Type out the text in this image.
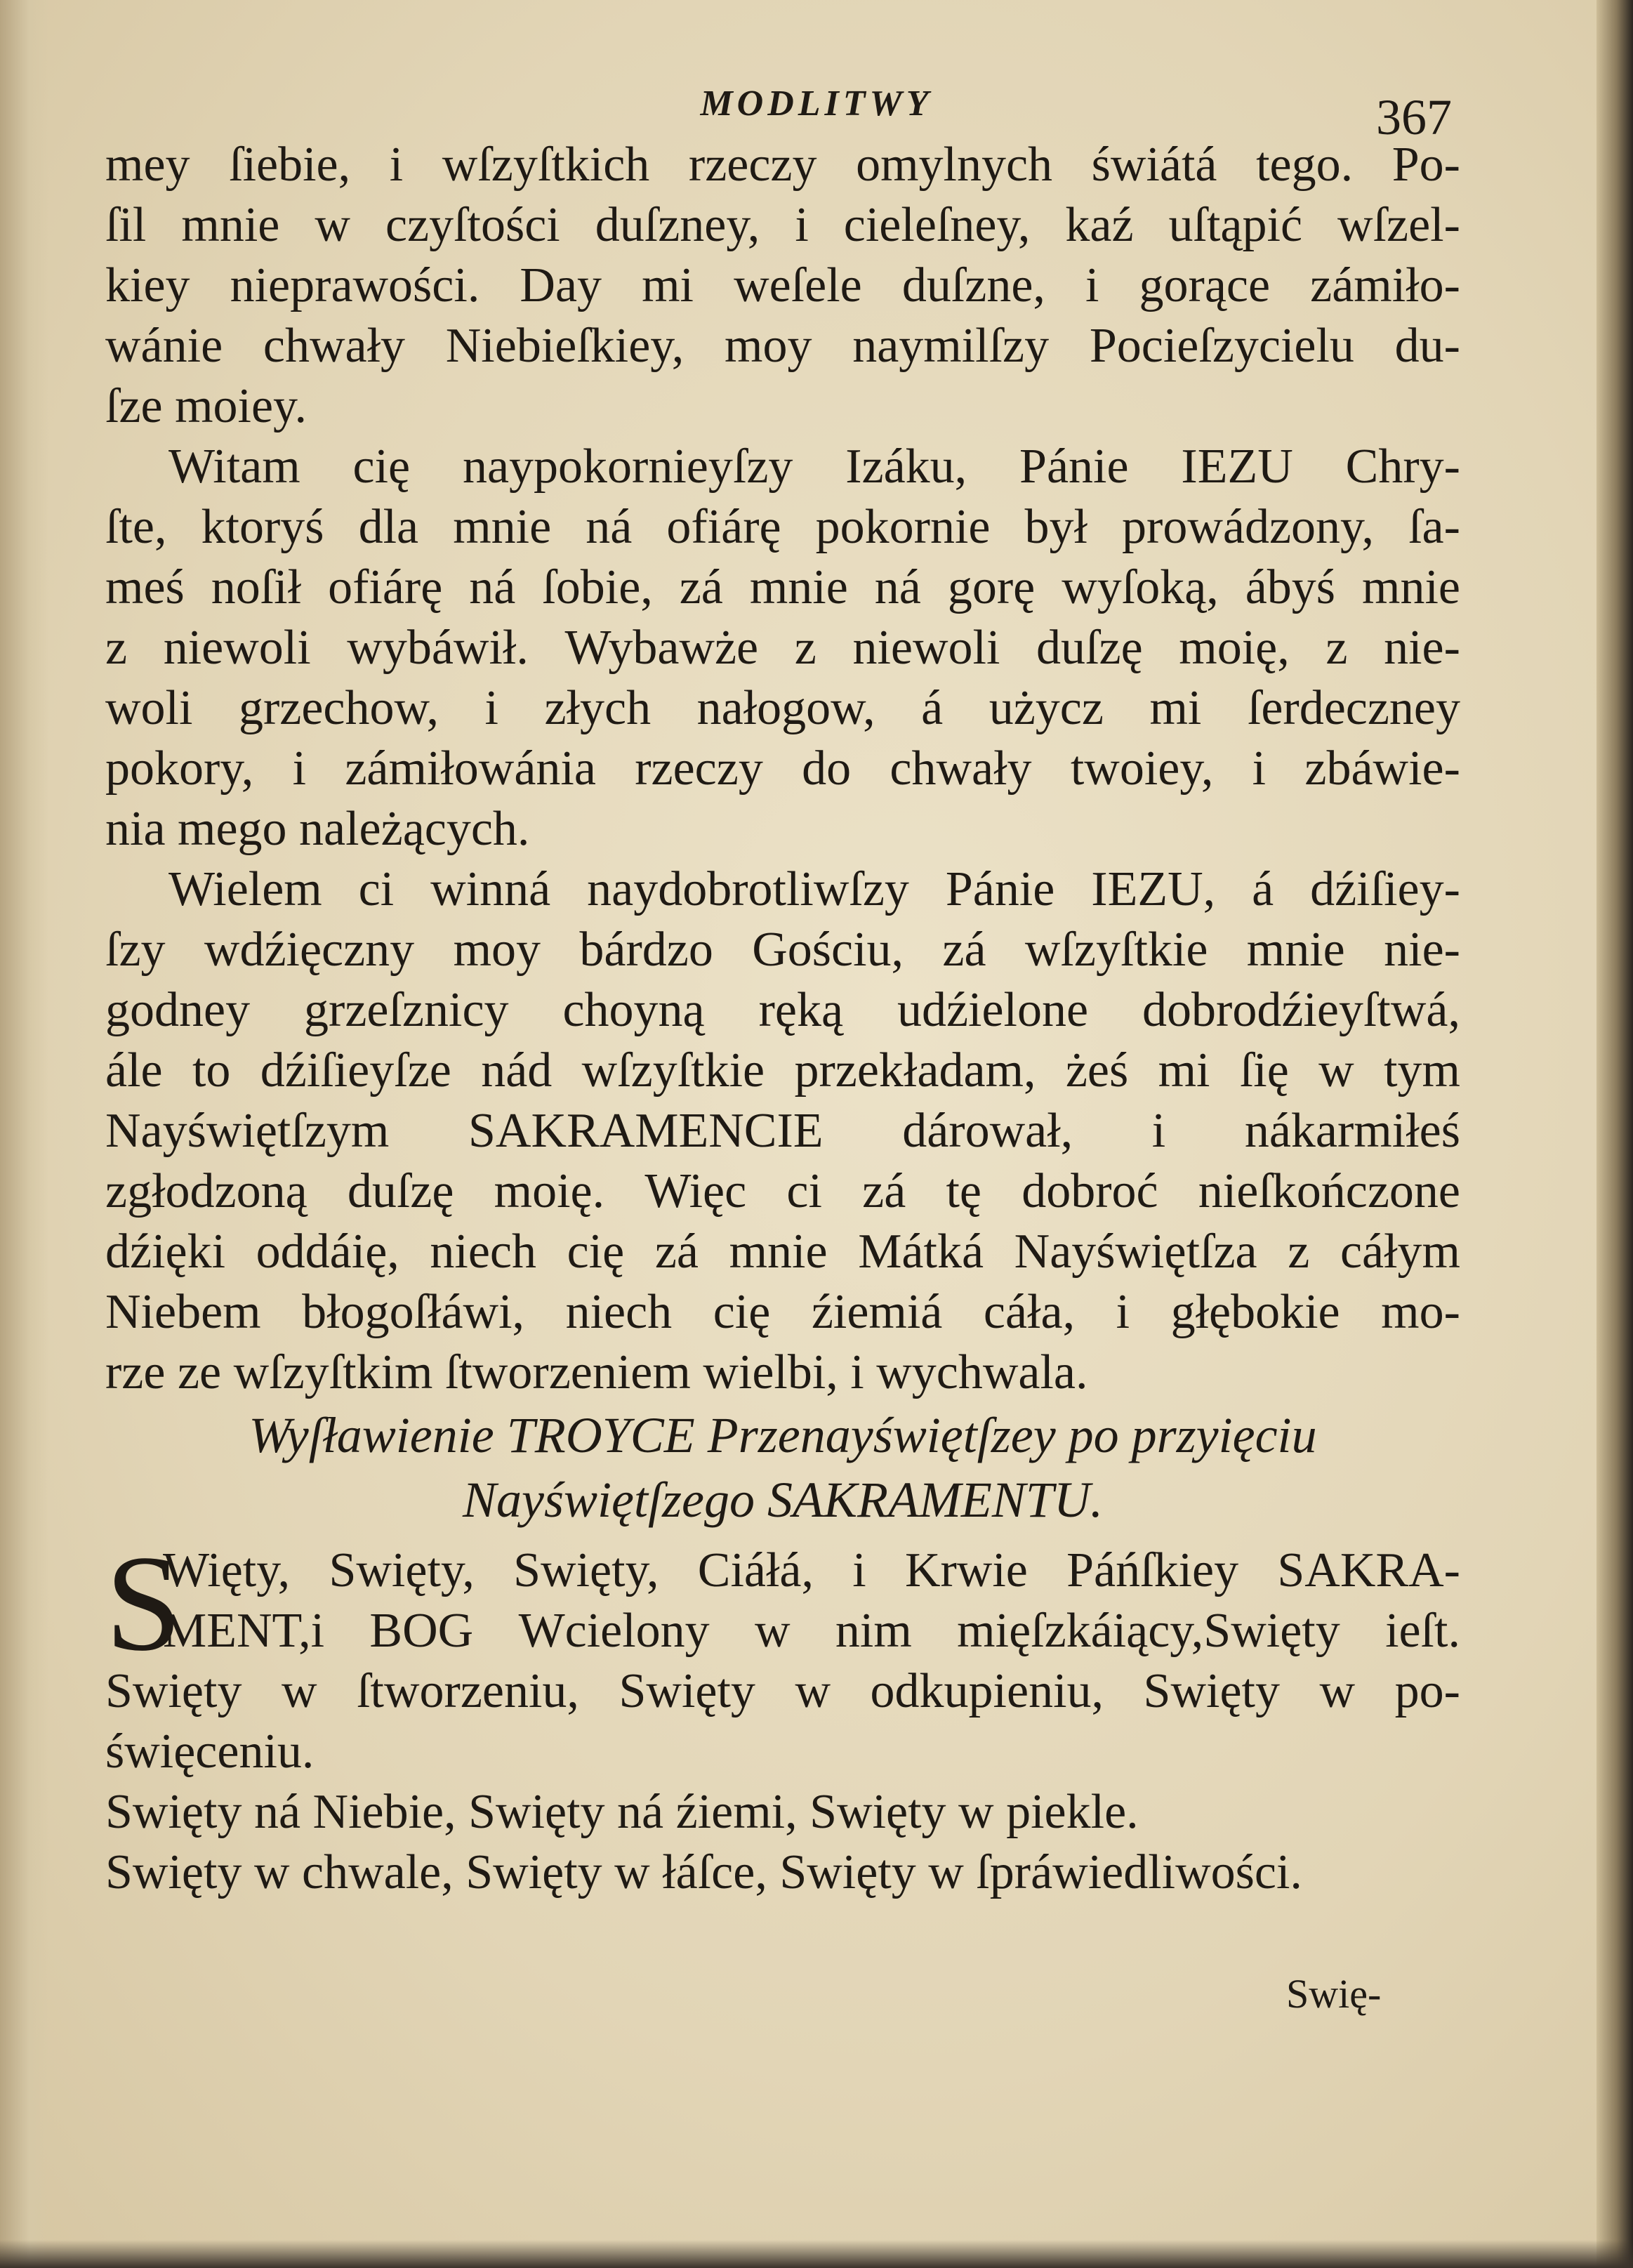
MODLITWY	367
mey ſiebie, i wſzyſtkich rzeczy omylnych świátá tego. Po-
ſil mnie w czyſtości duſzney, i cieleſney, kaź uſtąpić wſzel-
kiey nieprawości. Day mi weſele duſzne, i gorące zámiło-
wánie chwały Niebieſkiey, moy naymilſzy Pocieſzycielu du-
ſze moiey.
Witam cię naypokornieyſzy Izáku, Pánie IEZU Chry-
ſte, ktoryś dla mnie ná ofiárę pokornie był prowádzony, ſa-
meś noſił ofiárę ná ſobie, zá mnie ná gorę wyſoką, ábyś mnie
z niewoli wybáwił. Wybawże z niewoli duſzę moię, z nie-
woli grzechow, i złych nałogow, á użycz mi ſerdeczney
pokory, i zámiłowánia rzeczy do chwały twoiey, i zbáwie-
nia mego należących.
Wielem ci winná naydobrotliwſzy Pánie IEZU, á dźiſiey-
ſzy wdźięczny moy bárdzo Gościu, zá wſzyſtkie mnie nie-
godney grzeſznicy choyną ręką udźielone dobrodźieyſtwá,
ále to dźiſieyſze nád wſzyſtkie przekładam, żeś mi ſię w tym
Nayświętſzym SAKRAMENCIE dárował, i nákarmiłeś
zgłodzoną duſzę moię. Więc ci zá tę dobroć nieſkończone
dźięki oddáię, niech cię zá mnie Mátká Nayświętſza z cáłym
Niebem błogoſłáwi, niech cię źiemiá cáła, i głębokie mo-
rze ze wſzyſtkim ſtworzeniem wielbi, i wychwala.
Wyſławienie TROYCE Przenayświętſzey po przyięciu
Nayświętſzego SAKRAMENTU.
S
Więty, Swięty, Swięty, Ciáłá, i Krwie Páńſkiey SAKRA-
MENT,i BOG Wcielony w nim mięſzkáiący,Swięty ieſt.
Swięty w ſtworzeniu, Swięty w odkupieniu, Swięty w po-
święceniu.
Swięty ná Niebie, Swięty ná źiemi, Swięty w piekle.
Swięty w chwale, Swięty w łáſce, Swięty w ſpráwiedliwości.
Swię-
